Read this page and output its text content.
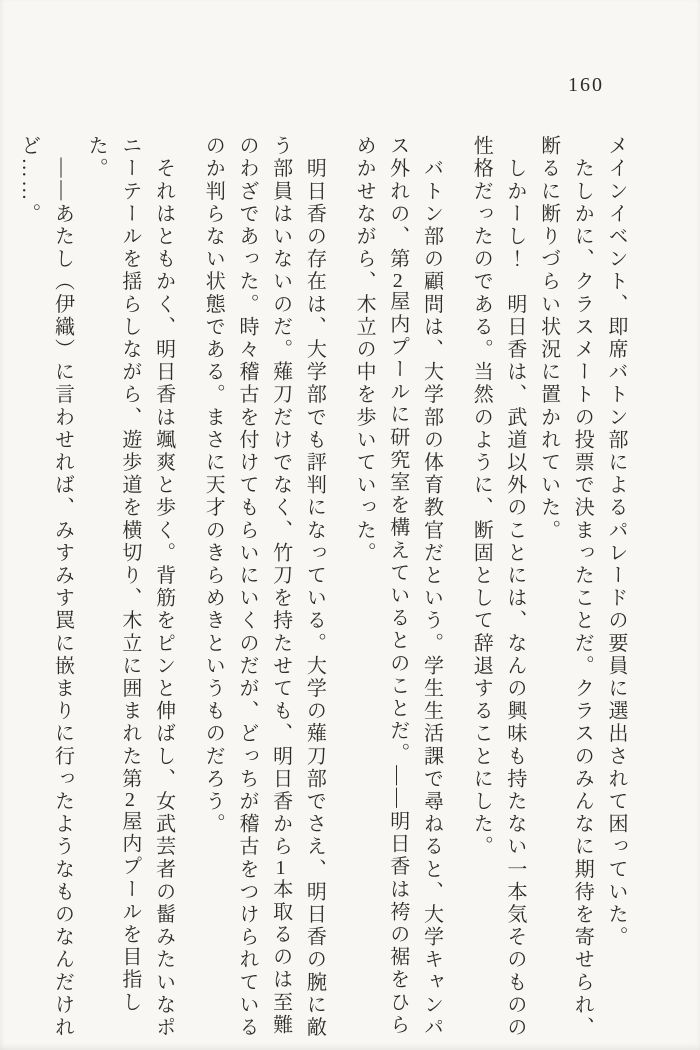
160

メインイベント、即席バトン部によるパレードの要員に選出されて困っていた。

　たしかに、クラスメートの投票で決まったことだ。クラスのみんなに期待を寄せられ、

断るに断りづらい状況に置かれていた。

　しかーし！　明日香は、武道以外のことには、なんの興味も持たない一本気そのものの

性格だったのである。当然のように、断固として辞退することにした。

　バトン部の顧問は、大学部の体育教官だという。学生生活課で尋ねると、大学キャンパ

ス外れの、第2屋内プールに研究室を構えているとのことだ。――明日香は袴の裾をひら

めかせながら、木立の中を歩いていった。

　明日香の存在は、大学部でも評判になっている。大学の薙刀部でさえ、明日香の腕に敵

う部員はいないのだ。薙刀だけでなく、竹刀を持たせても、明日香から1本取るのは至難

のわざであった。時々稽古を付けてもらいにいくのだが、どっちが稽古をつけられている

のか判らない状態である。まさに天才のきらめきというものだろう。

　それはともかく、明日香は颯爽と歩く。背筋をピンと伸ばし、女武芸者の髷みたいなポ

ニーテールを揺らしながら、遊歩道を横切り、木立に囲まれた第2屋内プールを目指した。

　――あたし（伊織）に言わせれば、みすみす罠に嵌まりに行ったようなものなんだけれ

ど……。
